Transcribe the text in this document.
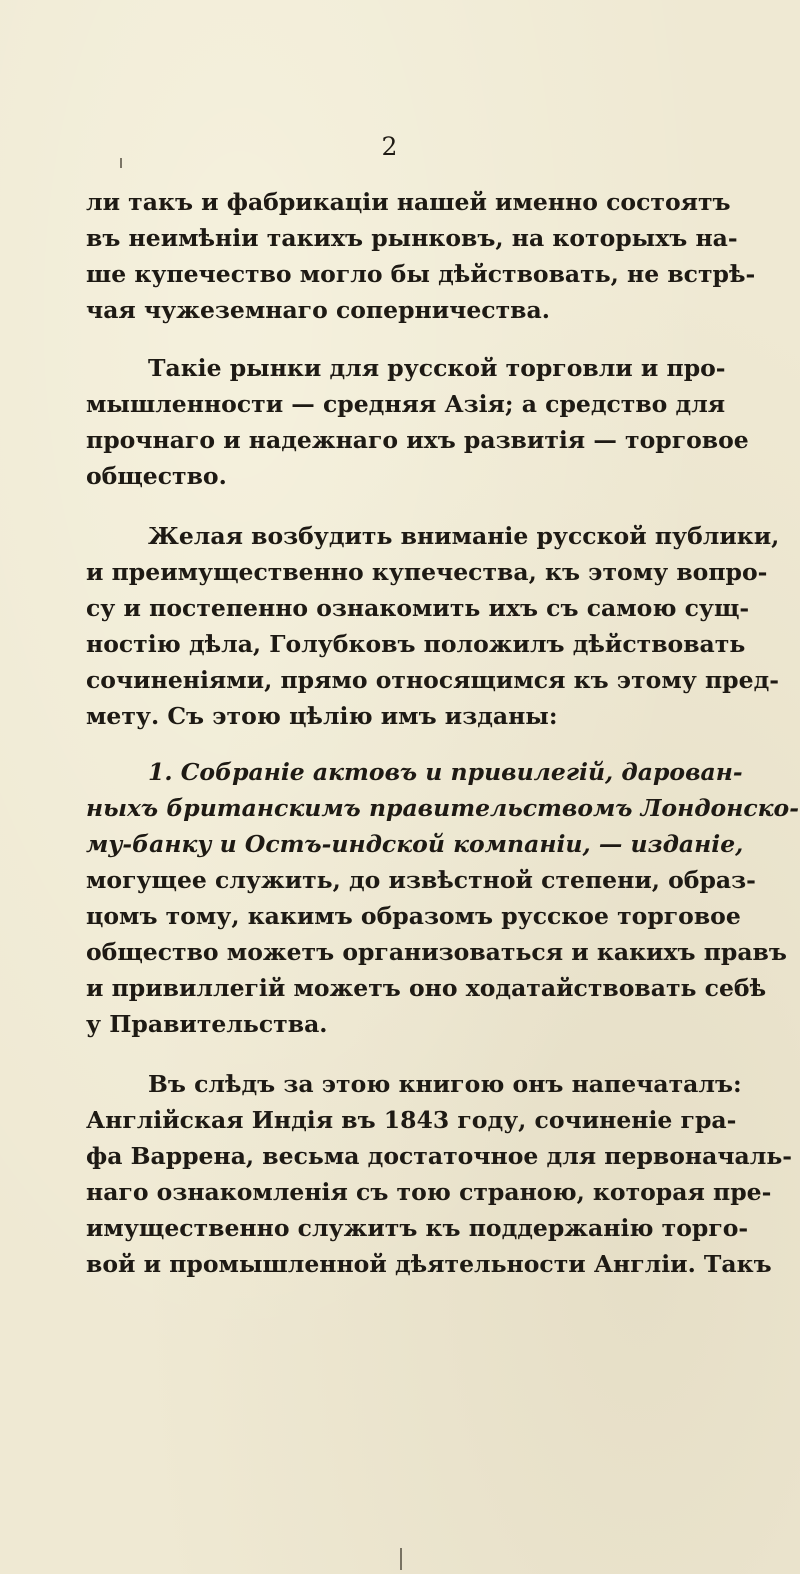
2
ли такъ и фабрикаціи нашей именно состоятъ
въ неимѣніи такихъ рынковъ, на которыхъ на-
ше купечество могло бы дѣйствовать, не встрѣ-
чая чужеземнаго соперничества.
Такіе рынки для русской торговли и про-
мышленности — средняя Азія; а средство для
прочнаго и надежнаго ихъ развитія — торговое
общество.
Желая возбудить вниманіе русской публики,
и преимущественно купечества, къ этому вопро-
су и постепенно ознакомить ихъ съ самою сущ-
ностію дѣла, Голубковъ положилъ дѣйствовать
сочиненіями, прямо относящимся къ этому пред-
мету. Съ этою цѣлію имъ изданы:
1. Собраніе актовъ и привилегій, дарован-
ныхъ британскимъ правительствомъ Лондонско-
му-банку и Остъ-индской компаніи, — изданіе,
могущее служить, до извѣстной степени, образ-
цомъ тому, какимъ образомъ русское торговое
общество можетъ организоваться и какихъ правъ
и привиллегій можетъ оно ходатайствовать себѣ
у Правительства.
Въ слѣдъ за этою книгою онъ напечаталъ:
Англійская Индія въ 1843 году, сочиненіе гра-
фа Варрена, весьма достаточное для первоначаль-
наго ознакомленія съ тою страною, которая пре-
имущественно служитъ къ поддержанію торго-
вой и промышленной дѣятельности Англіи. Такъ
